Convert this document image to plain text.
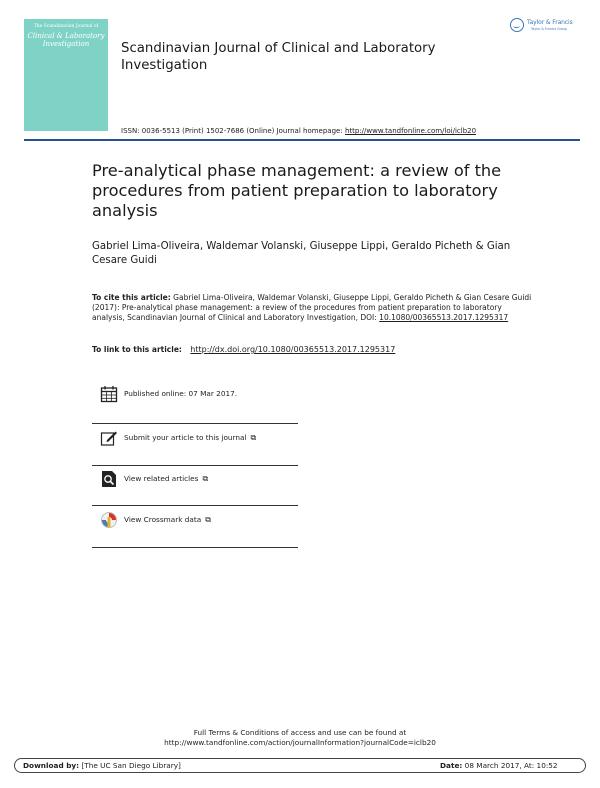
The Scandinavian Journal of
Clinical & Laboratory Investigation	Scandinavian Journal of Clinical and Laboratory Investigation
Taylor & Francis
Taylor & Francis Group
ISSN: 0036-5513 (Print) 1502-7686 (Online) Journal homepage: http://www.tandfonline.com/loi/iclb20
Pre-analytical phase management: a review of the procedures from patient preparation to laboratory analysis
Gabriel Lima-Oliveira, Waldemar Volanski, Giuseppe Lippi, Geraldo Picheth & Gian Cesare Guidi
To cite this article: Gabriel Lima-Oliveira, Waldemar Volanski, Giuseppe Lippi, Geraldo Picheth & Gian Cesare Guidi (2017): Pre-analytical phase management: a review of the procedures from patient preparation to laboratory analysis, Scandinavian Journal of Clinical and Laboratory Investigation, DOI: 10.1080/00365513.2017.1295317
To link to this article: http://dx.doi.org/10.1080/00365513.2017.1295317
Published online: 07 Mar 2017.
Submit your article to this journal ⧉
View related articles ⧉
View Crossmark data ⧉
Full Terms & Conditions of access and use can be found at
http://www.tandfonline.com/action/journalInformation?journalCode=iclb20
Download by: [The UC San Diego Library]	Date: 08 March 2017, At: 10:52
